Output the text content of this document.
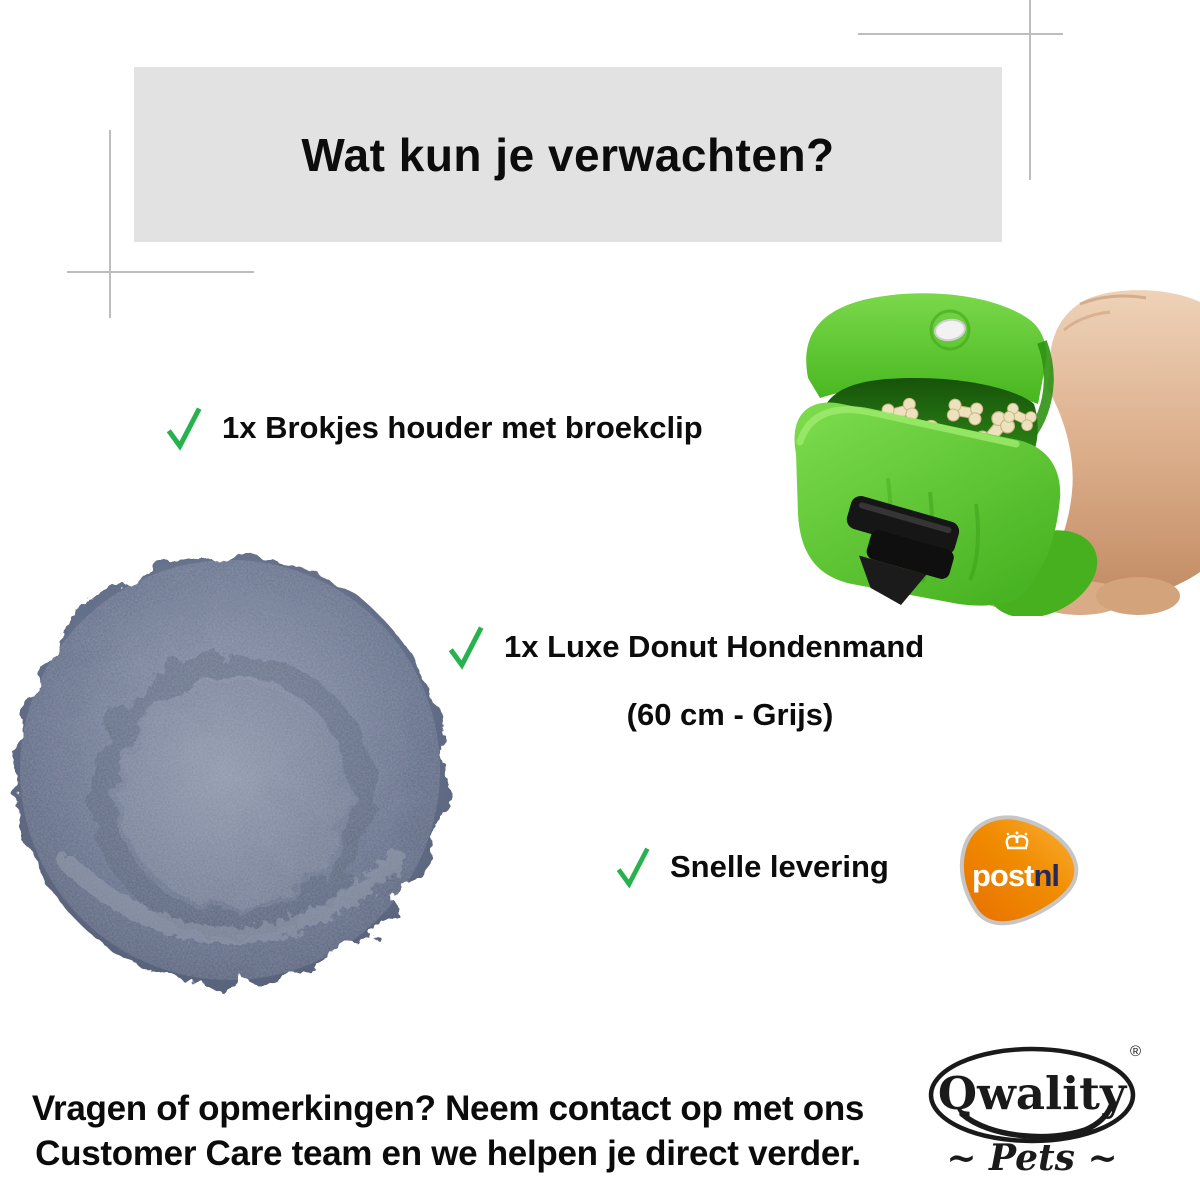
Wat kun je verwachten?
1x Brokjes houder met broekclip
1x Luxe Donut Hondenmand
(60 cm - Grijs)
Snelle levering	postnl
Vragen of opmerkingen? Neem contact op met ons
Customer Care team en we helpen je direct verder.
Qwality
®
~ Pets ~
